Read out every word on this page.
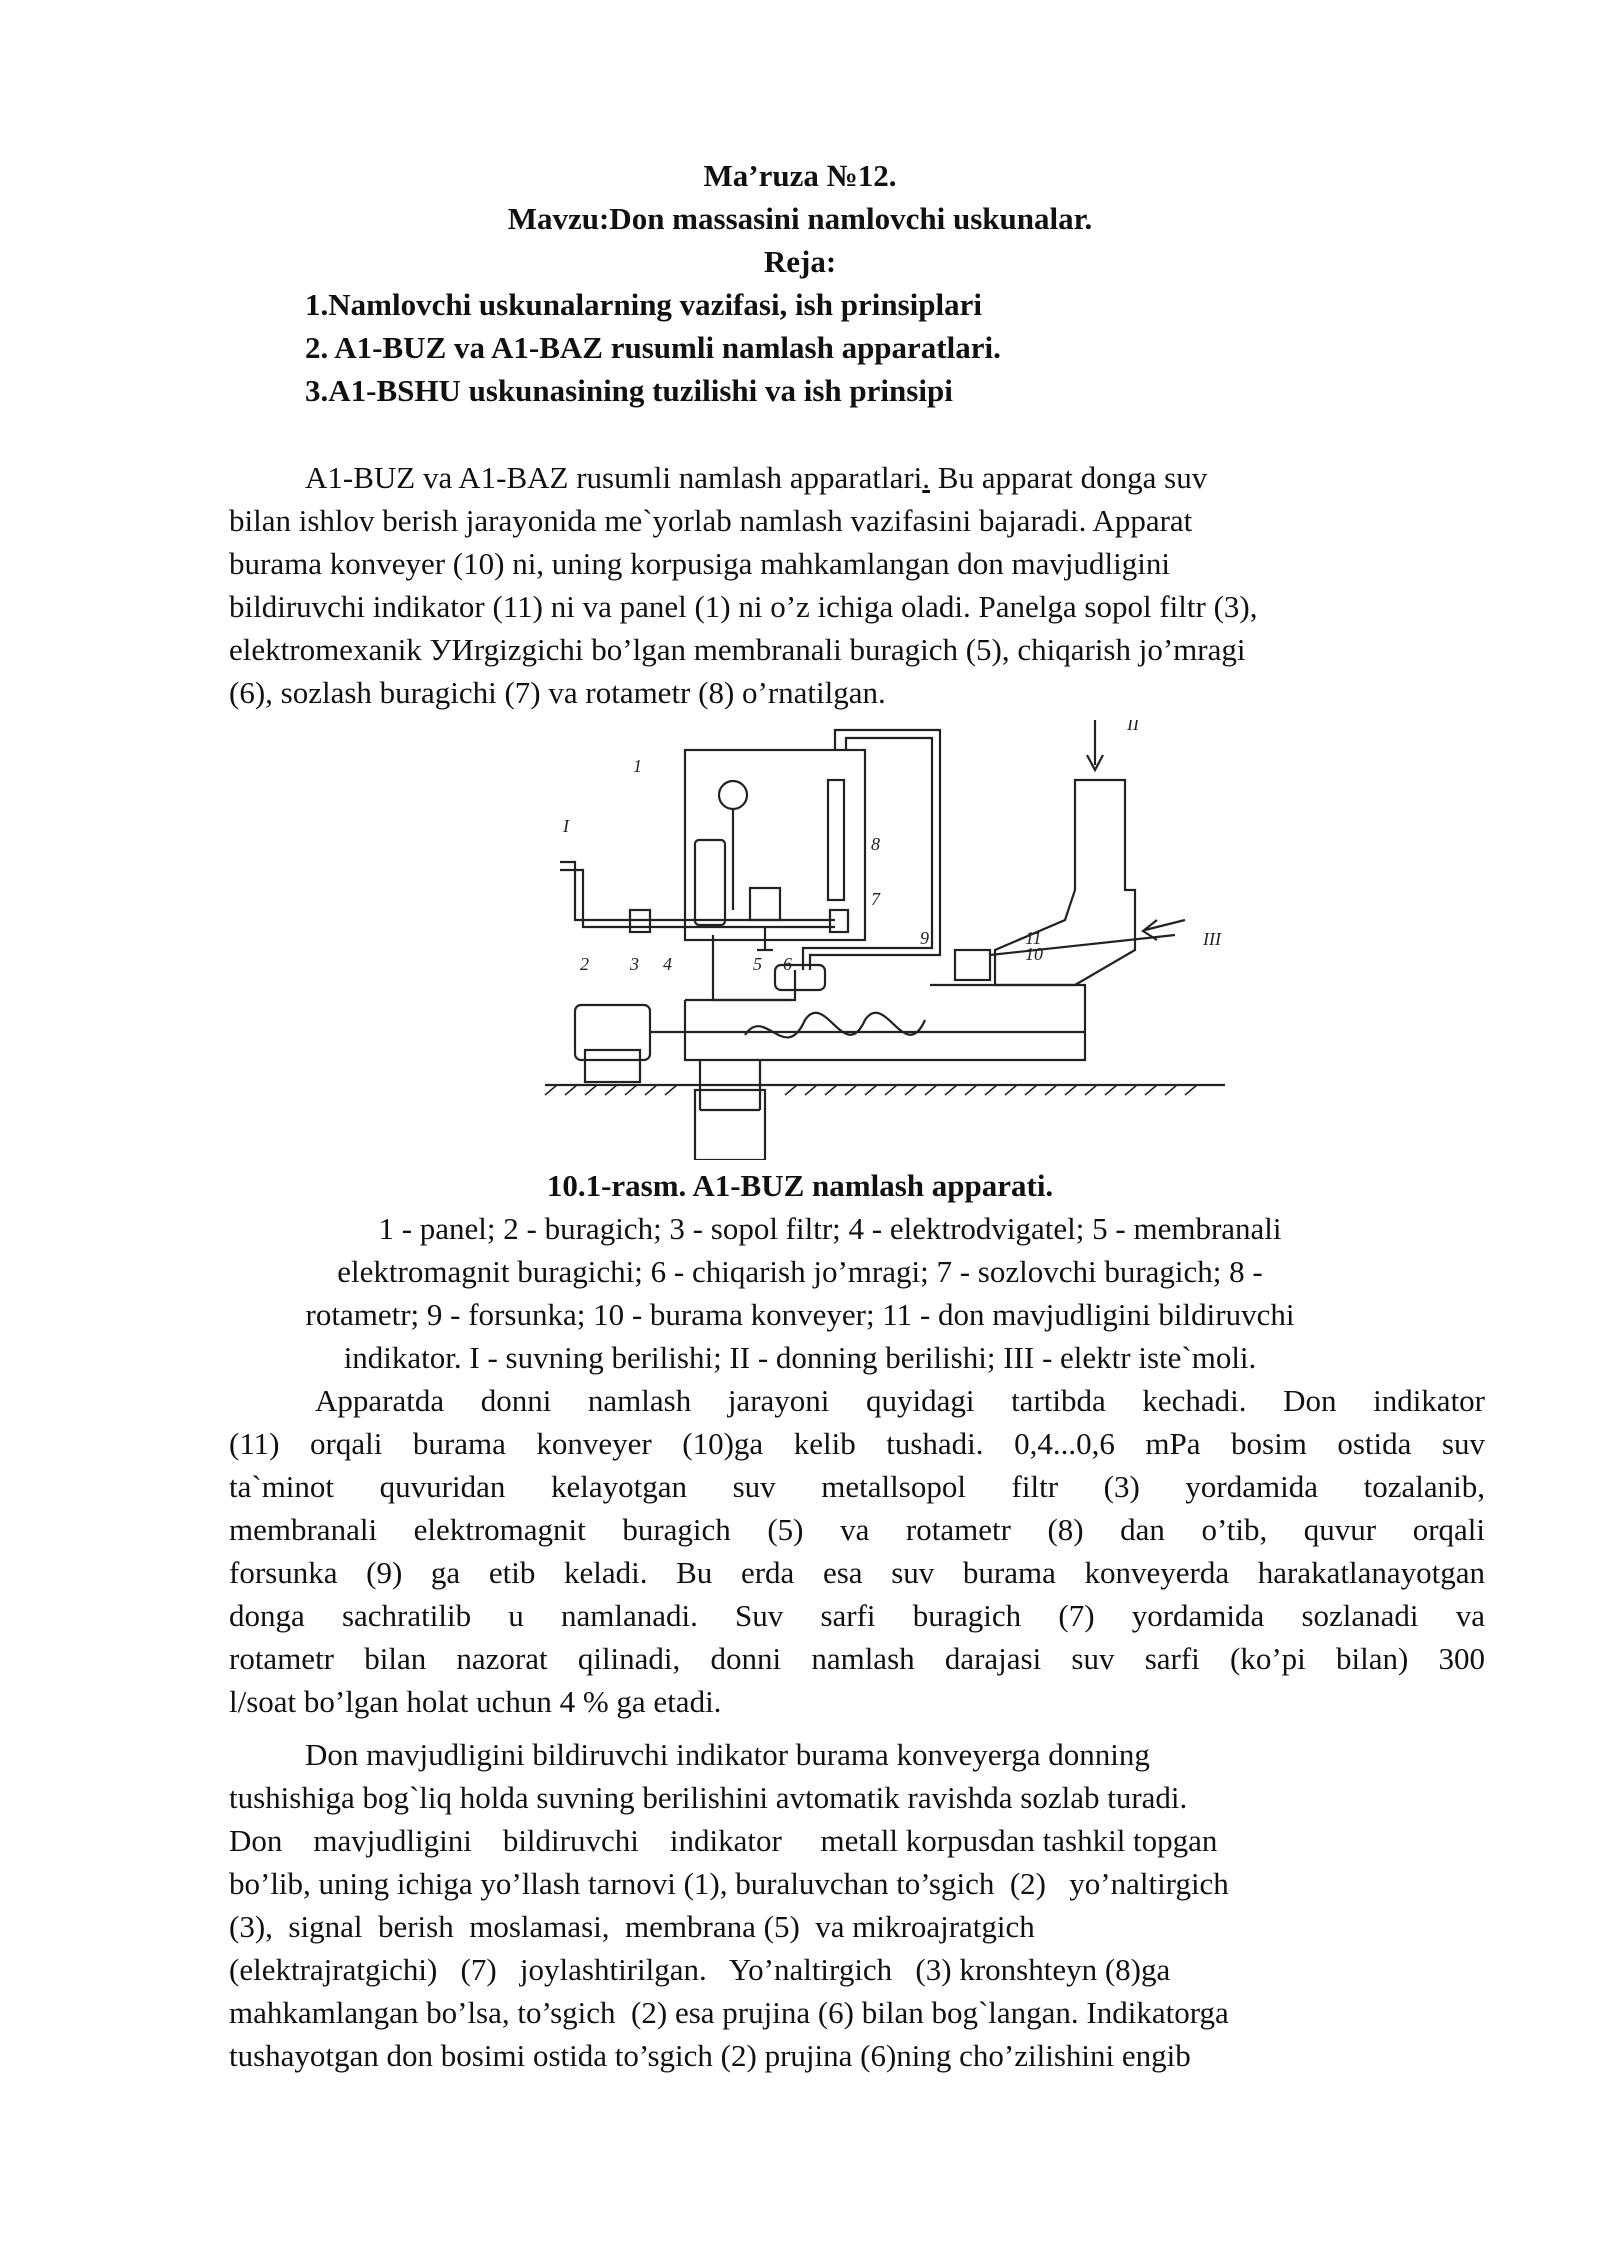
Ma’ruza №12.
Mavzu:Don massasini namlovchi uskunalar.
Reja:
1.Namlovchi uskunalarning vazifasi, ish prinsiplari
2. A1-BUZ va A1-BAZ rusumli namlash apparatlari.
3.A1-BSHU uskunasining tuzilishi va ish prinsipi
A1-BUZ va A1-BAZ rusumli namlash apparatlari. Bu apparat donga suv
bilan ishlov berish jarayonida me`yorlab namlash vazifasini bajaradi. Apparat
burama konveyer (10) ni, uning korpusiga mahkamlangan don mavjudligini
bildiruvchi indikator (11) ni va panel (1) ni o’z ichiga oladi. Panelga sopol filtr (3),
elektromexanik УИrgizgichi bo’lgan membranali buragich (5), chiqarish jo’mragi
(6), sozlash buragichi (7) va rotametr (8) o’rnatilgan.
1
2 3 4	5 6
7
8
9
10
11
I
II
III
10.1-rasm. A1-BUZ namlash apparati.
1 - panel; 2 - buragich; 3 - sopol filtr; 4 - elektrodvigatel; 5 - membranali
elektromagnit buragichi; 6 - chiqarish jo’mragi; 7 - sozlovchi buragich; 8 -
rotametr; 9 - forsunka; 10 - burama konveyer; 11 - don mavjudligini bildiruvchi
indikator. I - suvning berilishi; II - donning berilishi; III - elektr iste`moli.
Apparatda donni namlash jarayoni quyidagi tartibda kechadi. Don indikator
(11) orqali burama konveyer (10)ga kelib tushadi. 0,4...0,6 mPa bosim ostida suv
ta`minot quvuridan kelayotgan suv metallsopol filtr (3) yordamida tozalanib,
membranali elektromagnit buragich (5) va rotametr (8) dan o’tib, quvur orqali
forsunka (9) ga etib keladi. Bu erda esa suv burama konveyerda harakatlanayotgan
donga sachratilib u namlanadi. Suv sarfi buragich (7) yordamida sozlanadi va
rotametr bilan nazorat qilinadi, donni namlash darajasi suv sarfi (ko’pi bilan) 300
l/soat bo’lgan holat uchun 4 % ga etadi.
Don mavjudligini bildiruvchi indikator burama konveyerga donning
tushishiga bog`liq holda suvning berilishini avtomatik ravishda sozlab turadi.
Don    mavjudligini    bildiruvchi    indikator     metall korpusdan tashkil topgan
bo’lib, uning ichiga yo’llash tarnovi (1), buraluvchan to’sgich  (2)   yo’naltirgich
(3),  signal  berish  moslamasi,  membrana (5)  va mikroajratgich
(elektrajratgichi)   (7)   joylashtirilgan.   Yo’naltirgich   (3) kronshteyn (8)ga
mahkamlangan bo’lsa, to’sgich  (2) esa prujina (6) bilan bog`langan. Indikatorga
tushayotgan don bosimi ostida to’sgich (2) prujina (6)ning cho’zilishini engib
